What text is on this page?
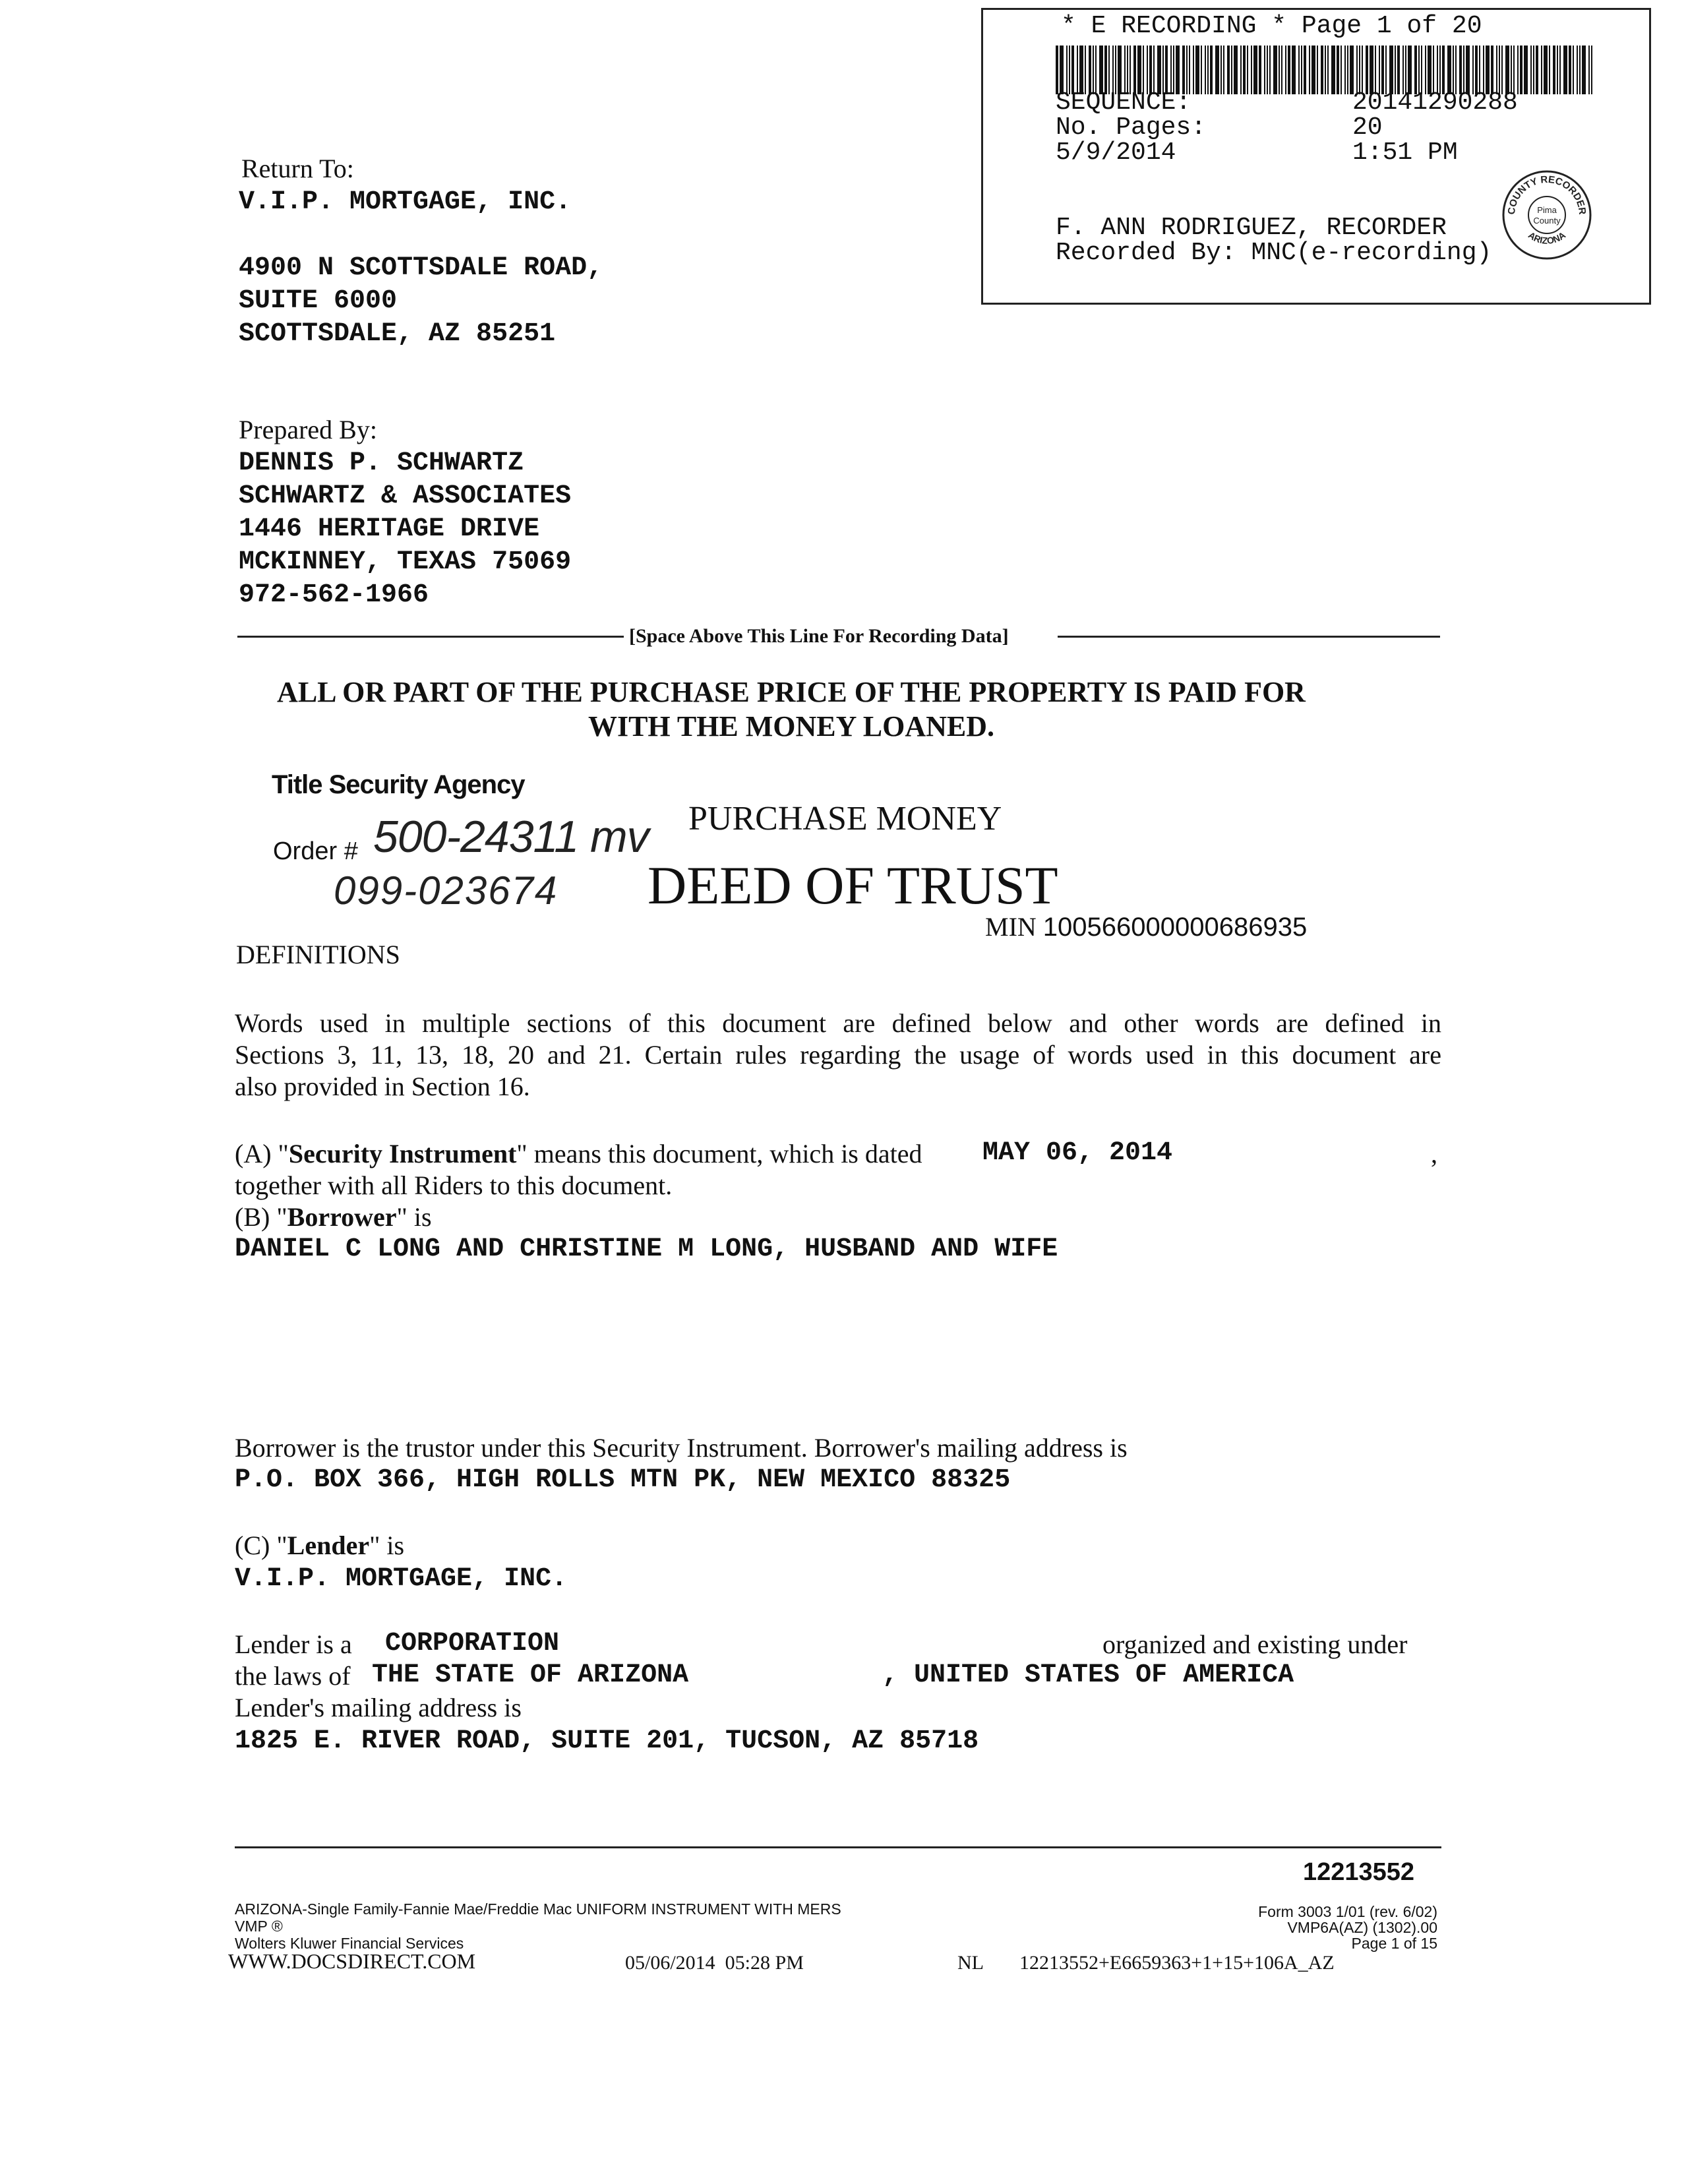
* E RECORDING * Page 1 of 20
SEQUENCE:	20141290288
No. Pages:	20
5/9/2014	1:51 PM
F. ANN RODRIGUEZ, RECORDER
Recorded By: MNC(e-recording)
COUNTY RECORDER
ARIZONA
Pima
County
Return To:
V.I.P. MORTGAGE, INC.
4900 N SCOTTSDALE ROAD,
SUITE 6000
SCOTTSDALE, AZ 85251
Prepared By:
DENNIS P. SCHWARTZ
SCHWARTZ & ASSOCIATES
1446 HERITAGE DRIVE
MCKINNEY, TEXAS 75069
972-562-1966
[Space Above This Line For Recording Data]
ALL OR PART OF THE PURCHASE PRICE OF THE PROPERTY IS PAID FOR
WITH THE MONEY LOANED.
Title Security Agency
Order # 500-24311 mv
099-023674
PURCHASE MONEY
DEED OF TRUST
MIN 100566000000686935
DEFINITIONS
Words used in multiple sections of this document are defined below and other words are defined in
Sections 3, 11, 13, 18, 20 and 21. Certain rules regarding the usage of words used in this document are
also provided in Section 16.
(A) "Security Instrument" means this document, which is dated MAY 06, 2014	,
together with all Riders to this document.
(B) "Borrower" is
DANIEL C LONG AND CHRISTINE M LONG, HUSBAND AND WIFE
Borrower is the trustor under this Security Instrument. Borrower's mailing address is
P.O. BOX 366, HIGH ROLLS MTN PK, NEW MEXICO 88325
(C) "Lender" is
V.I.P. MORTGAGE, INC.
Lender is a CORPORATION	organized and existing under
the laws of THE STATE OF ARIZONA	, UNITED STATES OF AMERICA
Lender's mailing address is
1825 E. RIVER ROAD, SUITE 201, TUCSON, AZ 85718
12213552
ARIZONA-Single Family-Fannie Mae/Freddie Mac UNIFORM INSTRUMENT WITH MERS
VMP ®
Wolters Kluwer Financial Services
WWW.DOCSDIRECT.COM	05/06/2014  05:28 PM	NL 12213552+E6659363+1+15+106A_AZ
Form 3003 1/01 (rev. 6/02)
VMP6A(AZ) (1302).00
Page 1 of 15
